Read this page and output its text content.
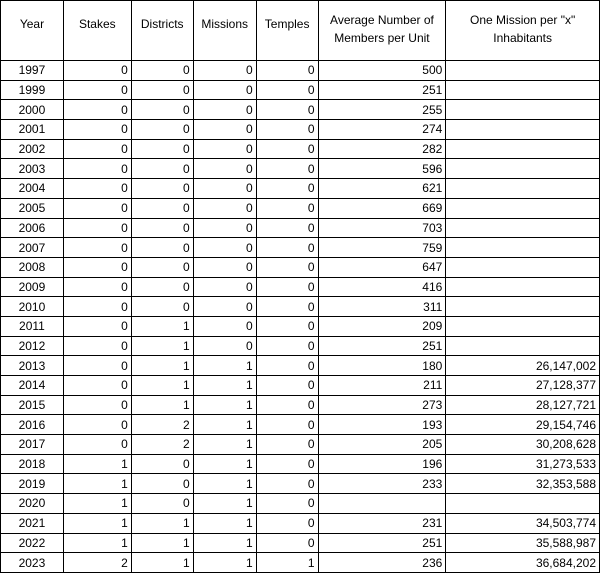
Year	Stakes	Districts	Missions	Temples	Average Number of Members per Unit	One Mission per "x" Inhabitants
1997	0	0	0	0	500	
1999	0	0	0	0	251	
2000	0	0	0	0	255	
2001	0	0	0	0	274	
2002	0	0	0	0	282	
2003	0	0	0	0	596	
2004	0	0	0	0	621	
2005	0	0	0	0	669	
2006	0	0	0	0	703	
2007	0	0	0	0	759	
2008	0	0	0	0	647	
2009	0	0	0	0	416	
2010	0	0	0	0	311	
2011	0	1	0	0	209	
2012	0	1	0	0	251	
2013	0	1	1	0	180	26,147,002
2014	0	1	1	0	211	27,128,377
2015	0	1	1	0	273	28,127,721
2016	0	2	1	0	193	29,154,746
2017	0	2	1	0	205	30,208,628
2018	1	0	1	0	196	31,273,533
2019	1	0	1	0	233	32,353,588
2020	1	0	1	0		
2021	1	1	1	0	231	34,503,774
2022	1	1	1	0	251	35,588,987
2023	2	1	1	1	236	36,684,202
